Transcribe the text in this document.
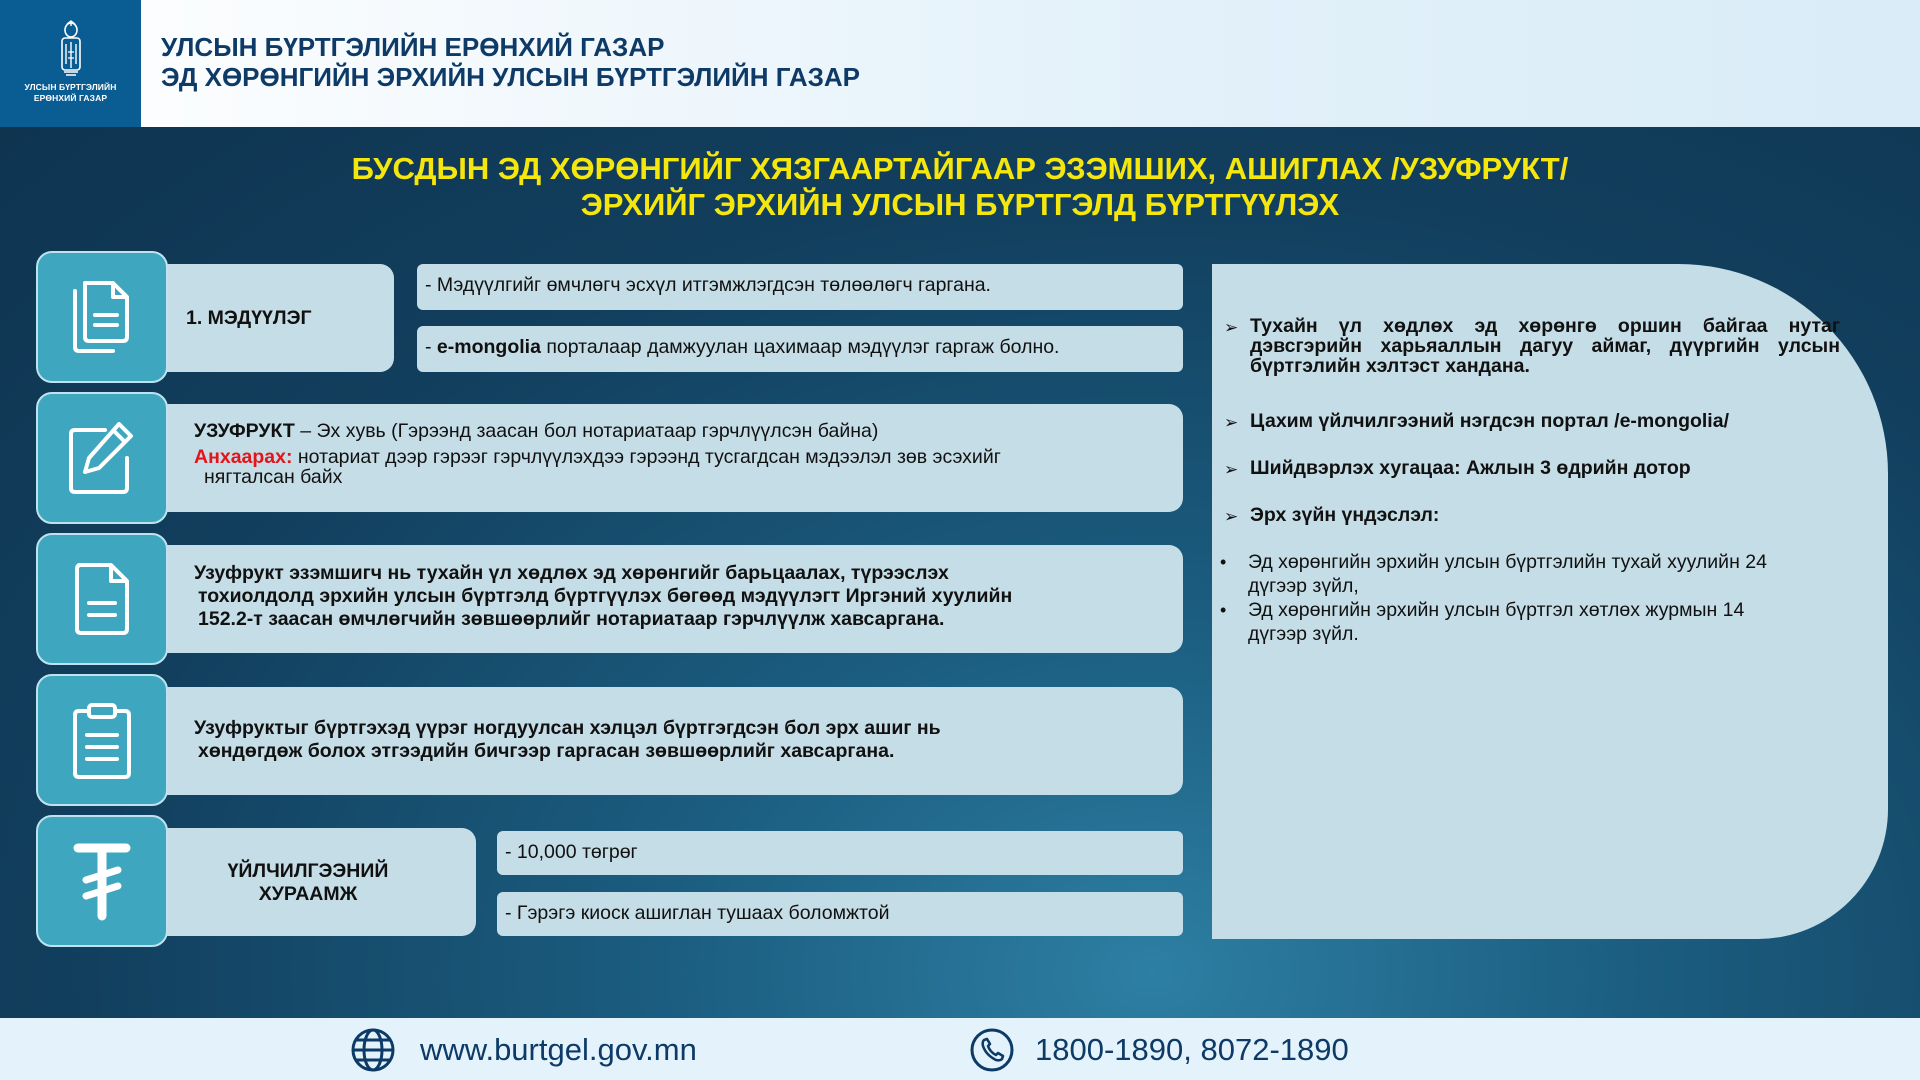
УЛСЫН БҮРТГЭЛИЙН
ЕРӨНХИЙ ГАЗАР
УЛСЫН БҮРТГЭЛИЙН ЕРӨНХИЙ ГАЗАР
ЭД ХӨРӨНГИЙН ЭРХИЙН УЛСЫН БҮРТГЭЛИЙН ГАЗАР
БУСДЫН ЭД ХӨРӨНГИЙГ ХЯЗГААРТАЙГААР ЭЗЭМШИХ, АШИГЛАХ /УЗУФРУКТ/
ЭРХИЙГ ЭРХИЙН УЛСЫН БҮРТГЭЛД БҮРТГҮҮЛЭХ
1. МЭДҮҮЛЭГ
- Мэдүүлгийг өмчлөгч эсхүл итгэмжлэгдсэн төлөөлөгч гаргана.
- e-mongolia порталаар дамжуулан цахимаар мэдүүлэг гаргаж болно.
УЗУФРУКТ – Эх хувь (Гэрээнд заасан бол нотариатаар гэрчлүүлсэн байна)
Анхаарах: нотариат дээр гэрээг гэрчлүүлэхдээ гэрээнд тусгагдсан мэдээлэл зөв эсэхийг
нягталсан байх
Узуфрукт эзэмшигч нь тухайн үл хөдлөх эд хөрөнгийг барьцаалах, түрээслэх
тохиолдолд эрхийн улсын бүртгэлд бүртгүүлэх бөгөөд мэдүүлэгт Иргэний хуулийн
152.2-т заасан өмчлөгчийн зөвшөөрлийг нотариатаар гэрчлүүлж хавсаргана.
Узуфруктыг бүртгэхэд үүрэг ногдуулсан хэлцэл бүртгэгдсэн бол эрх ашиг нь
хөндөгдөж болох этгээдийн бичгээр гаргасан зөвшөөрлийг хавсаргана.
ҮЙЛЧИЛГЭЭНИЙ
ХУРААМЖ
- 10,000 төгрөг
- Гэрэгэ киоск ашиглан тушаах боломжтой
➢ Тухайн үл хөдлөх эд хөрөнгө оршин байгаа нутаг дэвсгэрийн харьяаллын дагуу аймаг, дүүргийн улсын бүртгэлийн хэлтэст хандана.
➢ Цахим үйлчилгээний нэгдсэн портал /e-mongolia/
➢ Шийдвэрлэх хугацаа: Ажлын 3 өдрийн дотор
➢ Эрх зүйн үндэслэл:
•	Эд хөрөнгийн эрхийн улсын бүртгэлийн тухай хуулийн 24
дүгээр зүйл,
•	Эд хөрөнгийн эрхийн улсын бүртгэл хөтлөх журмын 14
дүгээр зүйл.
www.burtgel.gov.mn	1800-1890, 8072-1890
